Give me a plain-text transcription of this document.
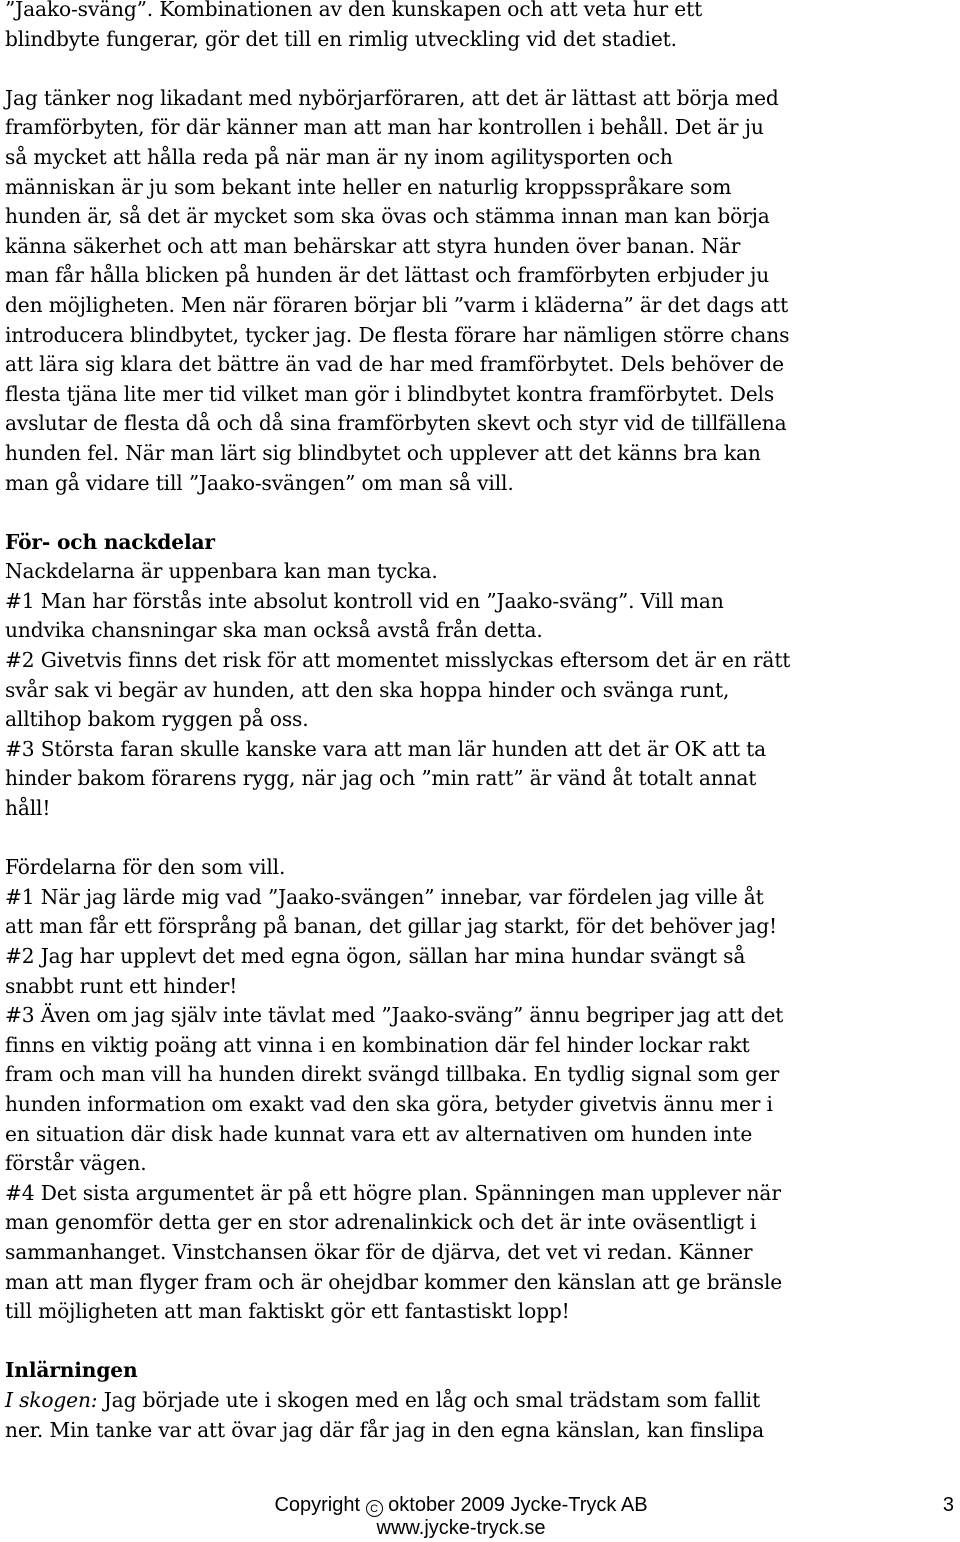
”Jaako-sväng”. Kombinationen av den kunskapen och att veta hur ett
blindbyte fungerar, gör det till en rimlig utveckling vid det stadiet.
Jag tänker nog likadant med nybörjarföraren, att det är lättast att börja med
framförbyten, för där känner man att man har kontrollen i behåll. Det är ju
så mycket att hålla reda på när man är ny inom agilitysporten och
människan är ju som bekant inte heller en naturlig kroppsspråkare som
hunden är, så det är mycket som ska övas och stämma innan man kan börja
känna säkerhet och att man behärskar att styra hunden över banan. När
man får hålla blicken på hunden är det lättast och framförbyten erbjuder ju
den möjligheten. Men när föraren börjar bli ”varm i kläderna” är det dags att
introducera blindbytet, tycker jag. De flesta förare har nämligen större chans
att lära sig klara det bättre än vad de har med framförbytet. Dels behöver de
flesta tjäna lite mer tid vilket man gör i blindbytet kontra framförbytet. Dels
avslutar de flesta då och då sina framförbyten skevt och styr vid de tillfällena
hunden fel. När man lärt sig blindbytet och upplever att det känns bra kan
man gå vidare till ”Jaako-svängen” om man så vill.
För- och nackdelar
Nackdelarna är uppenbara kan man tycka.
#1 Man har förstås inte absolut kontroll vid en ”Jaako-sväng”. Vill man
undvika chansningar ska man också avstå från detta.
#2 Givetvis finns det risk för att momentet misslyckas eftersom det är en rätt
svår sak vi begär av hunden, att den ska hoppa hinder och svänga runt,
alltihop bakom ryggen på oss.
#3 Största faran skulle kanske vara att man lär hunden att det är OK att ta
hinder bakom förarens rygg, när jag och ”min ratt” är vänd åt totalt annat
håll!
Fördelarna för den som vill.
#1 När jag lärde mig vad ”Jaako-svängen” innebar, var fördelen jag ville åt
att man får ett försprång på banan, det gillar jag starkt, för det behöver jag!
#2 Jag har upplevt det med egna ögon, sällan har mina hundar svängt så
snabbt runt ett hinder!
#3 Även om jag själv inte tävlat med ”Jaako-sväng” ännu begriper jag att det
finns en viktig poäng att vinna i en kombination där fel hinder lockar rakt
fram och man vill ha hunden direkt svängd tillbaka. En tydlig signal som ger
hunden information om exakt vad den ska göra, betyder givetvis ännu mer i
en situation där disk hade kunnat vara ett av alternativen om hunden inte
förstår vägen.
#4 Det sista argumentet är på ett högre plan. Spänningen man upplever när
man genomför detta ger en stor adrenalinkick och det är inte oväsentligt i
sammanhanget. Vinstchansen ökar för de djärva, det vet vi redan. Känner
man att man flyger fram och är ohejdbar kommer den känslan att ge bränsle
till möjligheten att man faktiskt gör ett fantastiskt lopp!
Inlärningen
I skogen: Jag började ute i skogen med en låg och smal trädstam som fallit
ner. Min tanke var att övar jag där får jag in den egna känslan, kan finslipa
Copyright C oktober 2009 Jycke-Tryck AB
www.jycke-tryck.se
3
